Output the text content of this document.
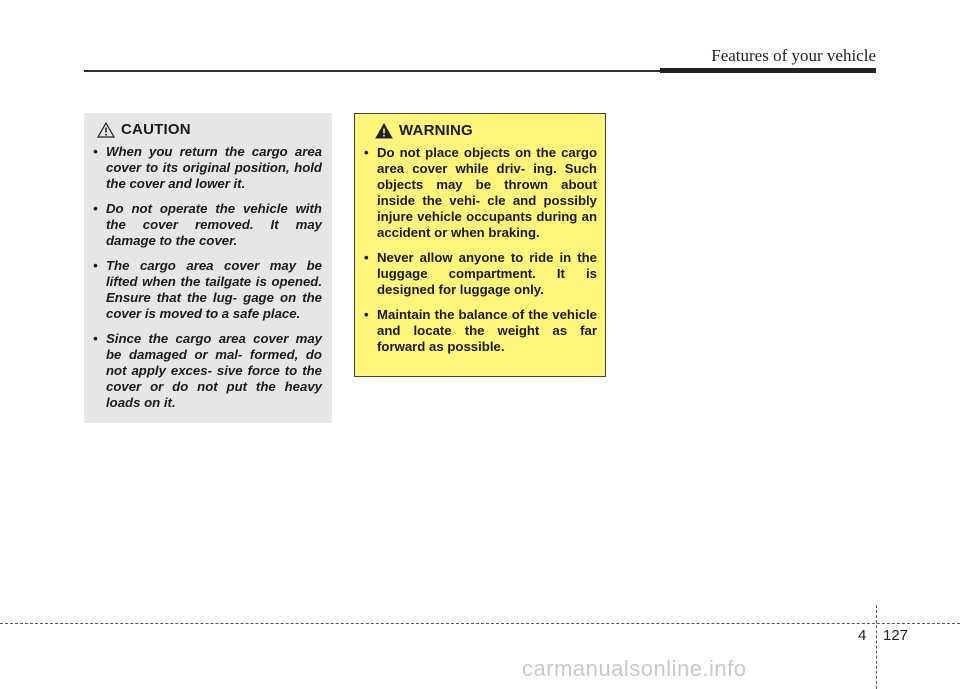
Features of your vehicle
CAUTION
• When you return the cargo area cover to its original position, hold the cover and lower it.
• Do not operate the vehicle with the cover removed. It may damage to the cover.
• The cargo area cover may be lifted when the tailgate is opened. Ensure that the lug- gage on the cover is moved to a safe place.
• Since the cargo area cover may be damaged or mal- formed, do not apply exces- sive force to the cover or do not put the heavy loads on it.
WARNING
• Do not place objects on the cargo area cover while driv- ing. Such objects may be thrown about inside the vehi- cle and possibly injure vehicle occupants during an accident or when braking.
• Never allow anyone to ride in the luggage compartment. It is designed for luggage only.
• Maintain the balance of the vehicle and locate the weight as far forward as possible.
4 127
carmanualsonline.info
